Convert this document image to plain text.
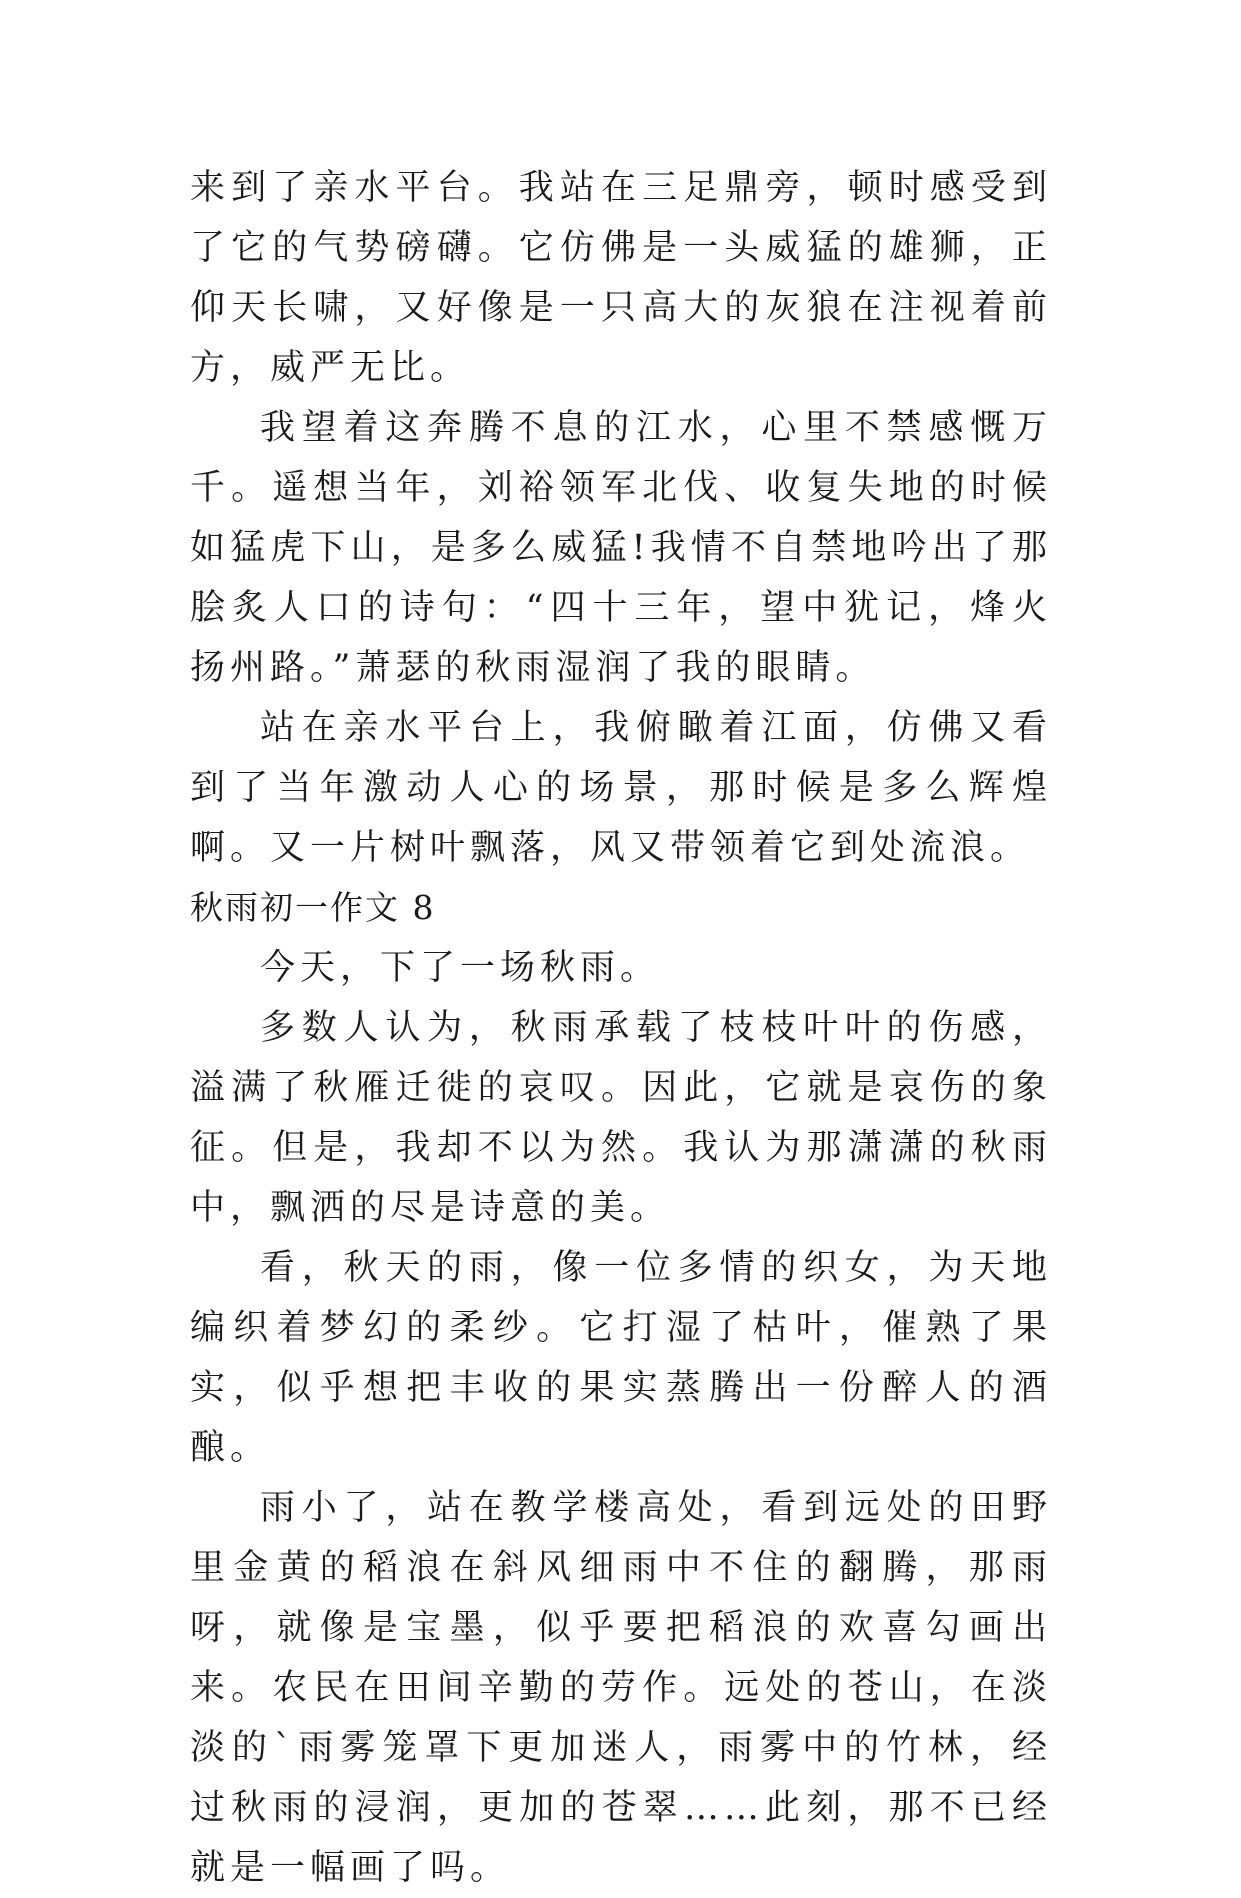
来到了亲水平台。我站在三足鼎旁，顿时感受到了它的气势磅礴。它仿佛是一头威猛的雄狮，正仰天长啸，又好像是一只高大的灰狼在注视着前方，威严无比。

我望着这奔腾不息的江水，心里不禁感慨万千。遥想当年，刘裕领军北伐、收复失地的时候如猛虎下山，是多么威猛!我情不自禁地吟出了那脍炙人口的诗句：“四十三年，望中犹记，烽火扬州路。”萧瑟的秋雨湿润了我的眼睛。

站在亲水平台上，我俯瞰着江面，仿佛又看到了当年激动人心的场景，那时候是多么辉煌啊。又一片树叶飘落，风又带领着它到处流浪。

秋雨初一作文 8

今天，下了一场秋雨。

多数人认为，秋雨承载了枝枝叶叶的伤感，溢满了秋雁迁徙的哀叹。因此，它就是哀伤的象征。但是，我却不以为然。我认为那潇潇的秋雨中，飘洒的尽是诗意的美。

看，秋天的雨，像一位多情的织女，为天地编织着梦幻的柔纱。它打湿了枯叶，催熟了果实，似乎想把丰收的果实蒸腾出一份醉人的酒酿。

雨小了，站在教学楼高处，看到远处的田野里金黄的稻浪在斜风细雨中不住的翻腾，那雨呀，就像是宝墨，似乎要把稻浪的欢喜勾画出来。农民在田间辛勤的劳作。远处的苍山，在淡淡的`雨雾笼罩下更加迷人，雨雾中的竹林，经过秋雨的浸润，更加的苍翠……此刻，那不已经就是一幅画了吗。
